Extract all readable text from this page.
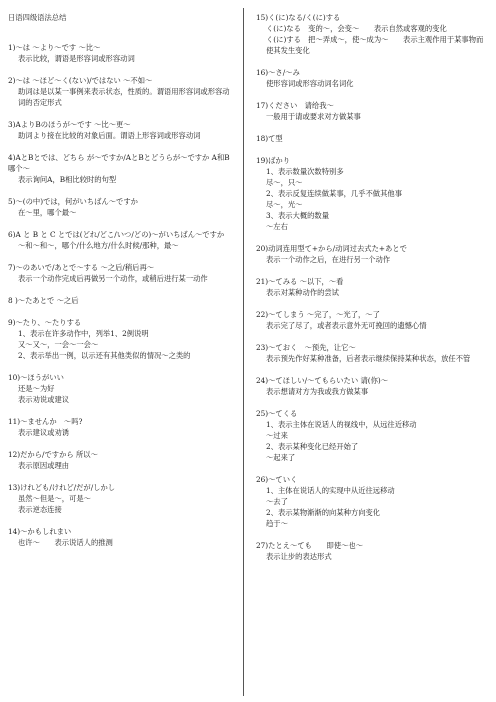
日语四级语法总结

1)～は ～より～です ～比～

表示比较，谓语是形容词或形容动词

2)～は ～ほど～く(ない)/ではない ～不如～

助词は是以某一事例来表示状态，性质的。谓语用形容词或形容动词的否定形式

3)AよりBのほうが～です ～比～更～

助词より接在比较的对象后面。谓语上形容词或形容动词

4)AとBとでは、どちら が～ですか/AとBとどうらが～ですか A和B哪个～

表示询问A，B相比较时的句型

5)～(の中)では，何がいちばん～ですか

在～里，哪个最～

6)A と B と C とでは(どれ/どこ/いつ/どの)～がいちばん～ですか

～和～和～，哪个/什么地方/什么时候/那种，最～

7)～のあいで/あとで～する ～之后/稍后再～

表示一个动作完成后再做另一个动作，或稍后进行某一动作

8 )～たあとで ～之后

9)～たり、～たりする

1、表示在许多动作中，列举1、2例说明

又～又～，一会～一会～

2、表示举出一例，以示还有其他类似的情况～之类的

10)～ほうがいい

还是～为好

表示劝说或建议

11)～ませんか　～吗?

表示建议或劝诱

12)だから/ですから 所以～

表示原因或理由

13)けれども/けれど/だが/しかし

虽然～但是～，可是～

表示逆态连接

14)～かもしれまい

也许～　　表示说话人的推测

15)く(に)なる/く(に)する

く(に)なる　变的～，会变～　　表示自然或客观的变化

く(に)する　把～弄成～，使～成为～　　表示主观作用于某事物而使其发生变化

16)～さ/～み

使形容词或形容动词名词化

17)ください　请给我～

一般用于请或要求对方做某事

18)て型

19)ばかり

1、表示数量次数特别多

尽～，只～

2、表示反复连续做某事，几乎不做其他事

尽～，光～

3、表示大概的数量

～左右

20)动词连用型て+から/动词过去式た+あとで

表示一个动作之后，在进行另一个动作

21)～てみる ～以下，～看

表示对某种动作的尝试

22)～てしまう ～完了，～光了，～了

表示完了尽了，或者表示意外无可挽回的遗憾心情

23)～ておく　～预先，让它～

表示预先作好某种准备，后者表示继续保持某种状态，放任不管

24)～てほしい/～てもらいたい 请(你)～

表示想请对方为我或我方做某事

25)～てくる

1、表示主体在说话人的视线中，从远往近移动

～过来

2、表示某种变化已经开始了

～起来了

26)～ていく

1、主体在说话人的实现中从近往远移动

～去了

2、表示某物渐渐的向某种方向变化

趋于～

27)たとえ～ても　　即使～也～

表示让步的表达形式
